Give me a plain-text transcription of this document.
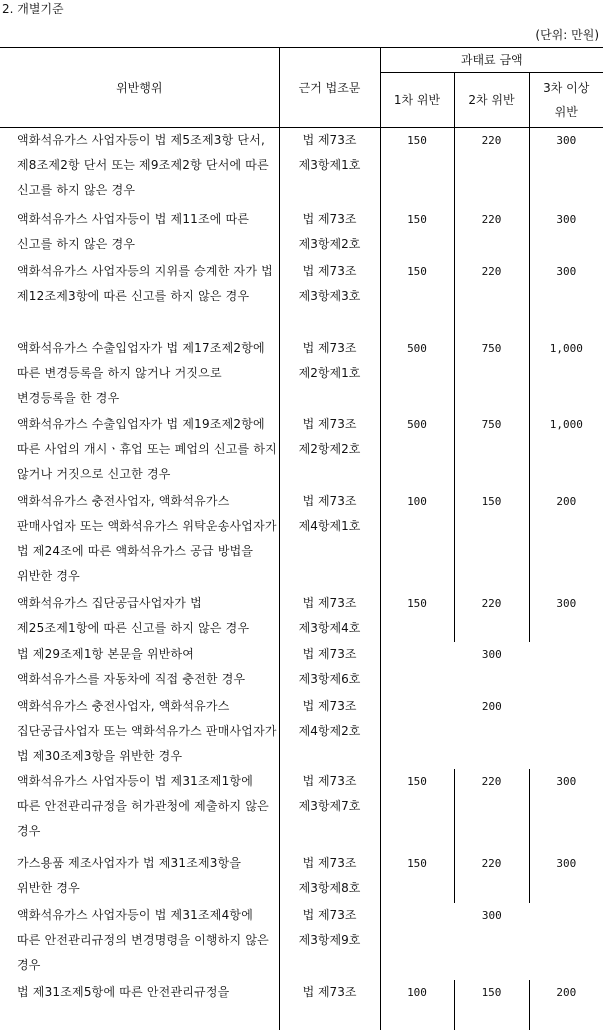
2. 개별기준
(단위: 만원)
위반행위	근거 법조문	과태료 금액		
		1차 위반	2차 위반	3차 이상
위반

액화석유가스 사업자등이 법 제5조제3항 단서, 제8조제2항 단서 또는 제9조제2항 단서에 따른 신고를 하지 않은 경우	법 제73조
제3항제1호	150	220	300

액화석유가스 사업자등이 법 제11조에 따른 신고를 하지 않은 경우	법 제73조
제3항제2호	150	220	300

액화석유가스 사업자등의 지위를 승계한 자가 법 제12조제3항에 따른 신고를 하지 않은 경우	법 제73조
제3항제3호	150	220	300

액화석유가스 수출입업자가 법 제17조제2항에 따른 변경등록을 하지 않거나 거짓으로 변경등록을 한 경우	법 제73조
제2항제1호	500	750	1,000

액화석유가스 수출입업자가 법 제19조제2항에 따른 사업의 개시ㆍ휴업 또는 폐업의 신고를 하지 않거나 거짓으로 신고한 경우	법 제73조
제2항제2호	500	750	1,000

액화석유가스 충전사업자, 액화석유가스 판매사업자 또는 액화석유가스 위탁운송사업자가 법 제24조에 따른 액화석유가스 공급 방법을 위반한 경우	법 제73조
제4항제1호	100	150	200

액화석유가스 집단공급사업자가 법 제25조제1항에 따른 신고를 하지 않은 경우	법 제73조
제3항제4호	150	220	300

법 제29조제1항 본문을 위반하여 액화석유가스를 자동차에 직접 충전한 경우	법 제73조
제3항제6호	300		

액화석유가스 충전사업자, 액화석유가스 집단공급사업자 또는 액화석유가스 판매사업자가 법 제30조제3항을 위반한 경우	법 제73조
제4항제2호	200		

액화석유가스 사업자등이 법 제31조제1항에 따른 안전관리규정을 허가관청에 제출하지 않은 경우	법 제73조
제3항제7호	150	220	300

가스용품 제조사업자가 법 제31조제3항을 위반한 경우	법 제73조
제3항제8호	150	220	300

액화석유가스 사업자등이 법 제31조제4항에 따른 안전관리규정의 변경명령을 이행하지 않은 경우	법 제73조
제3항제9호	300		

법 제31조제5항에 따른 안전관리규정을	법 제73조	100	150	200
